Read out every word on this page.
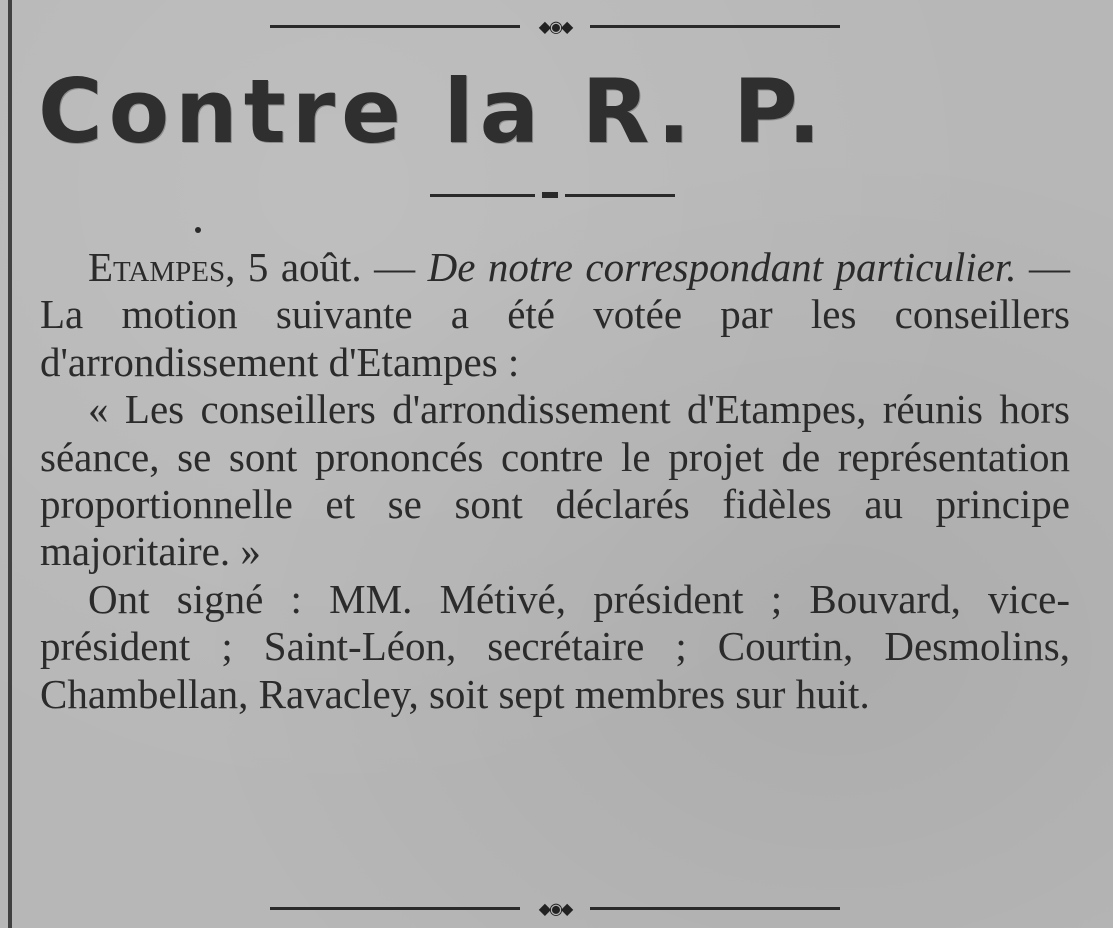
◆◉◆
Contre la R. P.

Etampes, 5 août. — De notre correspondant particulier. — La motion suivante a été votée par les conseillers d'arrondissement d'Etampes :

« Les conseillers d'arrondissement d'Etampes, réunis hors séance, se sont prononcés contre le projet de représentation proportionnelle et se sont déclarés fidèles au principe majoritaire. »

Ont signé : MM. Métivé, président ; Bouvard, vice-président ; Saint-Léon, secrétaire ; Courtin, Desmolins, Chambellan, Ravacley, soit sept membres sur huit.

◆◉◆
